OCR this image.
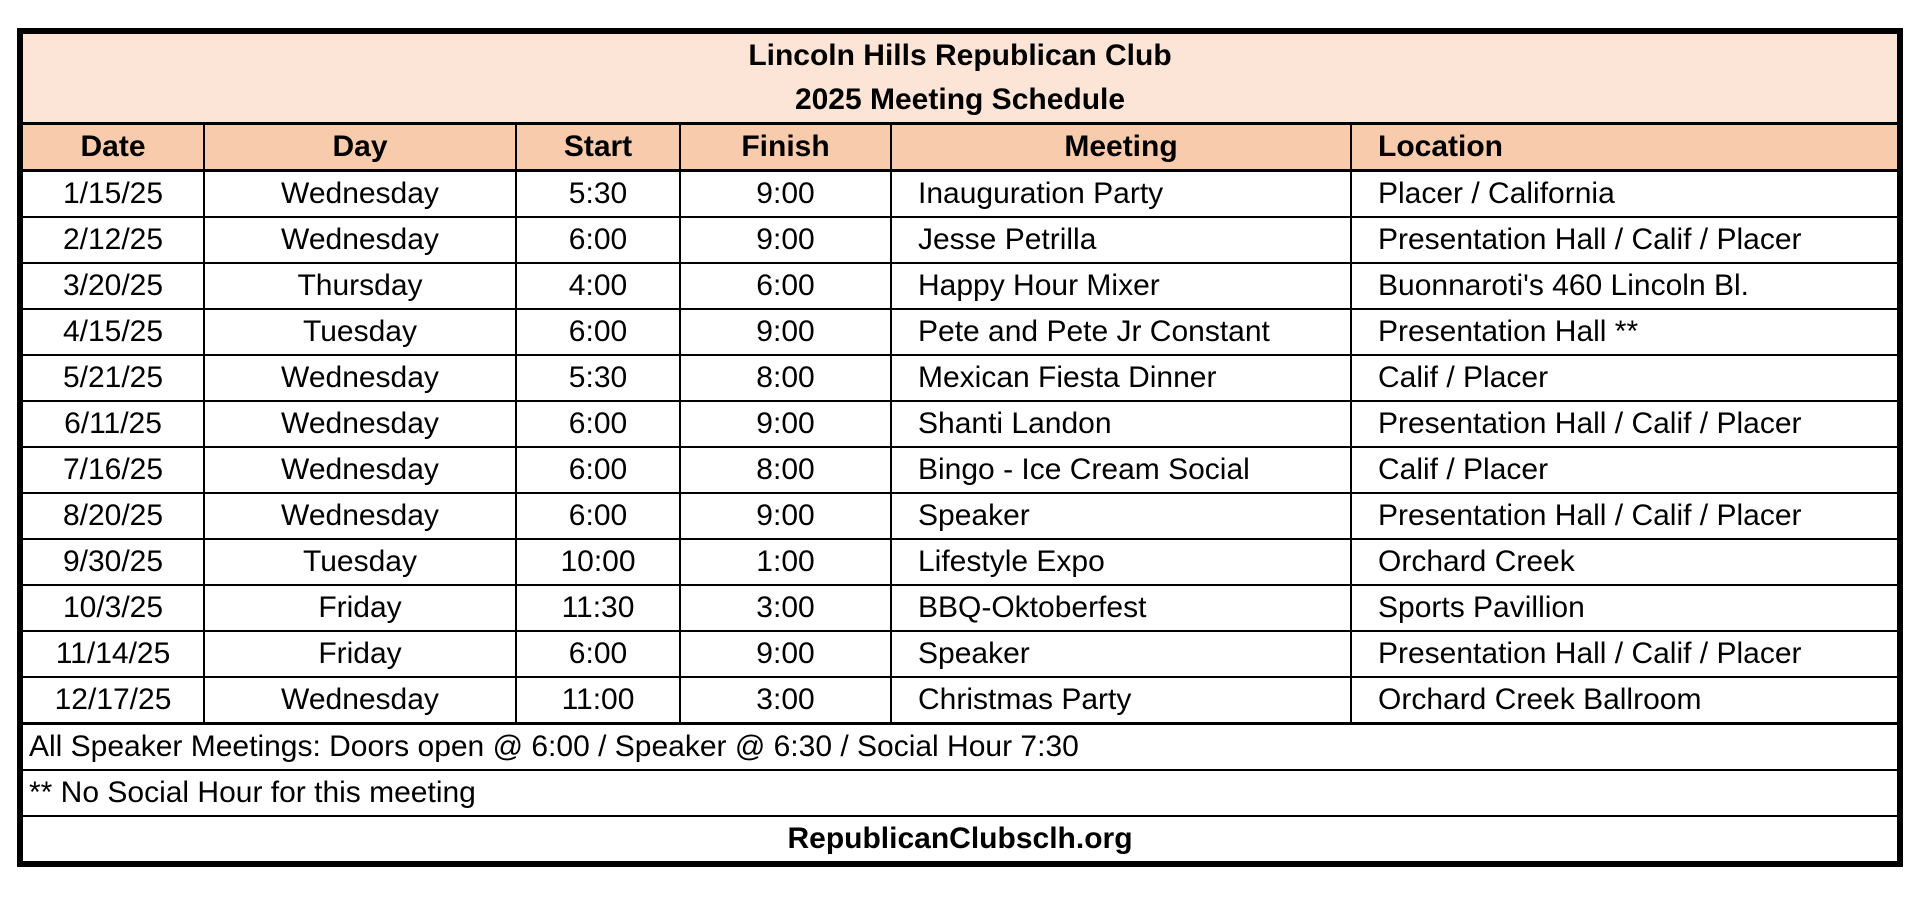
Lincoln Hills Republican Club
2025 Meeting Schedule					

Date	Day	Start	Finish	Meeting	Location
1/15/25	Wednesday	5:30	9:00	Inauguration Party	Placer / California
2/12/25	Wednesday	6:00	9:00	Jesse Petrilla	Presentation Hall / Calif / Placer
3/20/25	Thursday	4:00	6:00	Happy Hour Mixer	Buonnaroti's 460 Lincoln Bl.
4/15/25	Tuesday	6:00	9:00	Pete and Pete Jr Constant	Presentation Hall **
5/21/25	Wednesday	5:30	8:00	Mexican Fiesta Dinner	Calif / Placer
6/11/25	Wednesday	6:00	9:00	Shanti Landon	Presentation Hall / Calif / Placer
7/16/25	Wednesday	6:00	8:00	Bingo - Ice Cream Social	Calif / Placer
8/20/25	Wednesday	6:00	9:00	Speaker	Presentation Hall / Calif / Placer
9/30/25	Tuesday	10:00	1:00	Lifestyle Expo	Orchard Creek
10/3/25	Friday	11:30	3:00	BBQ-Oktoberfest	Sports Pavillion
11/14/25	Friday	6:00	9:00	Speaker	Presentation Hall / Calif / Placer
12/17/25	Wednesday	11:00	3:00	Christmas Party	Orchard Creek Ballroom
All Speaker Meetings: Doors open @ 6:00 / Speaker @ 6:30 / Social Hour 7:30					
** No Social Hour for this meeting					
RepublicanClubsclh.org					
